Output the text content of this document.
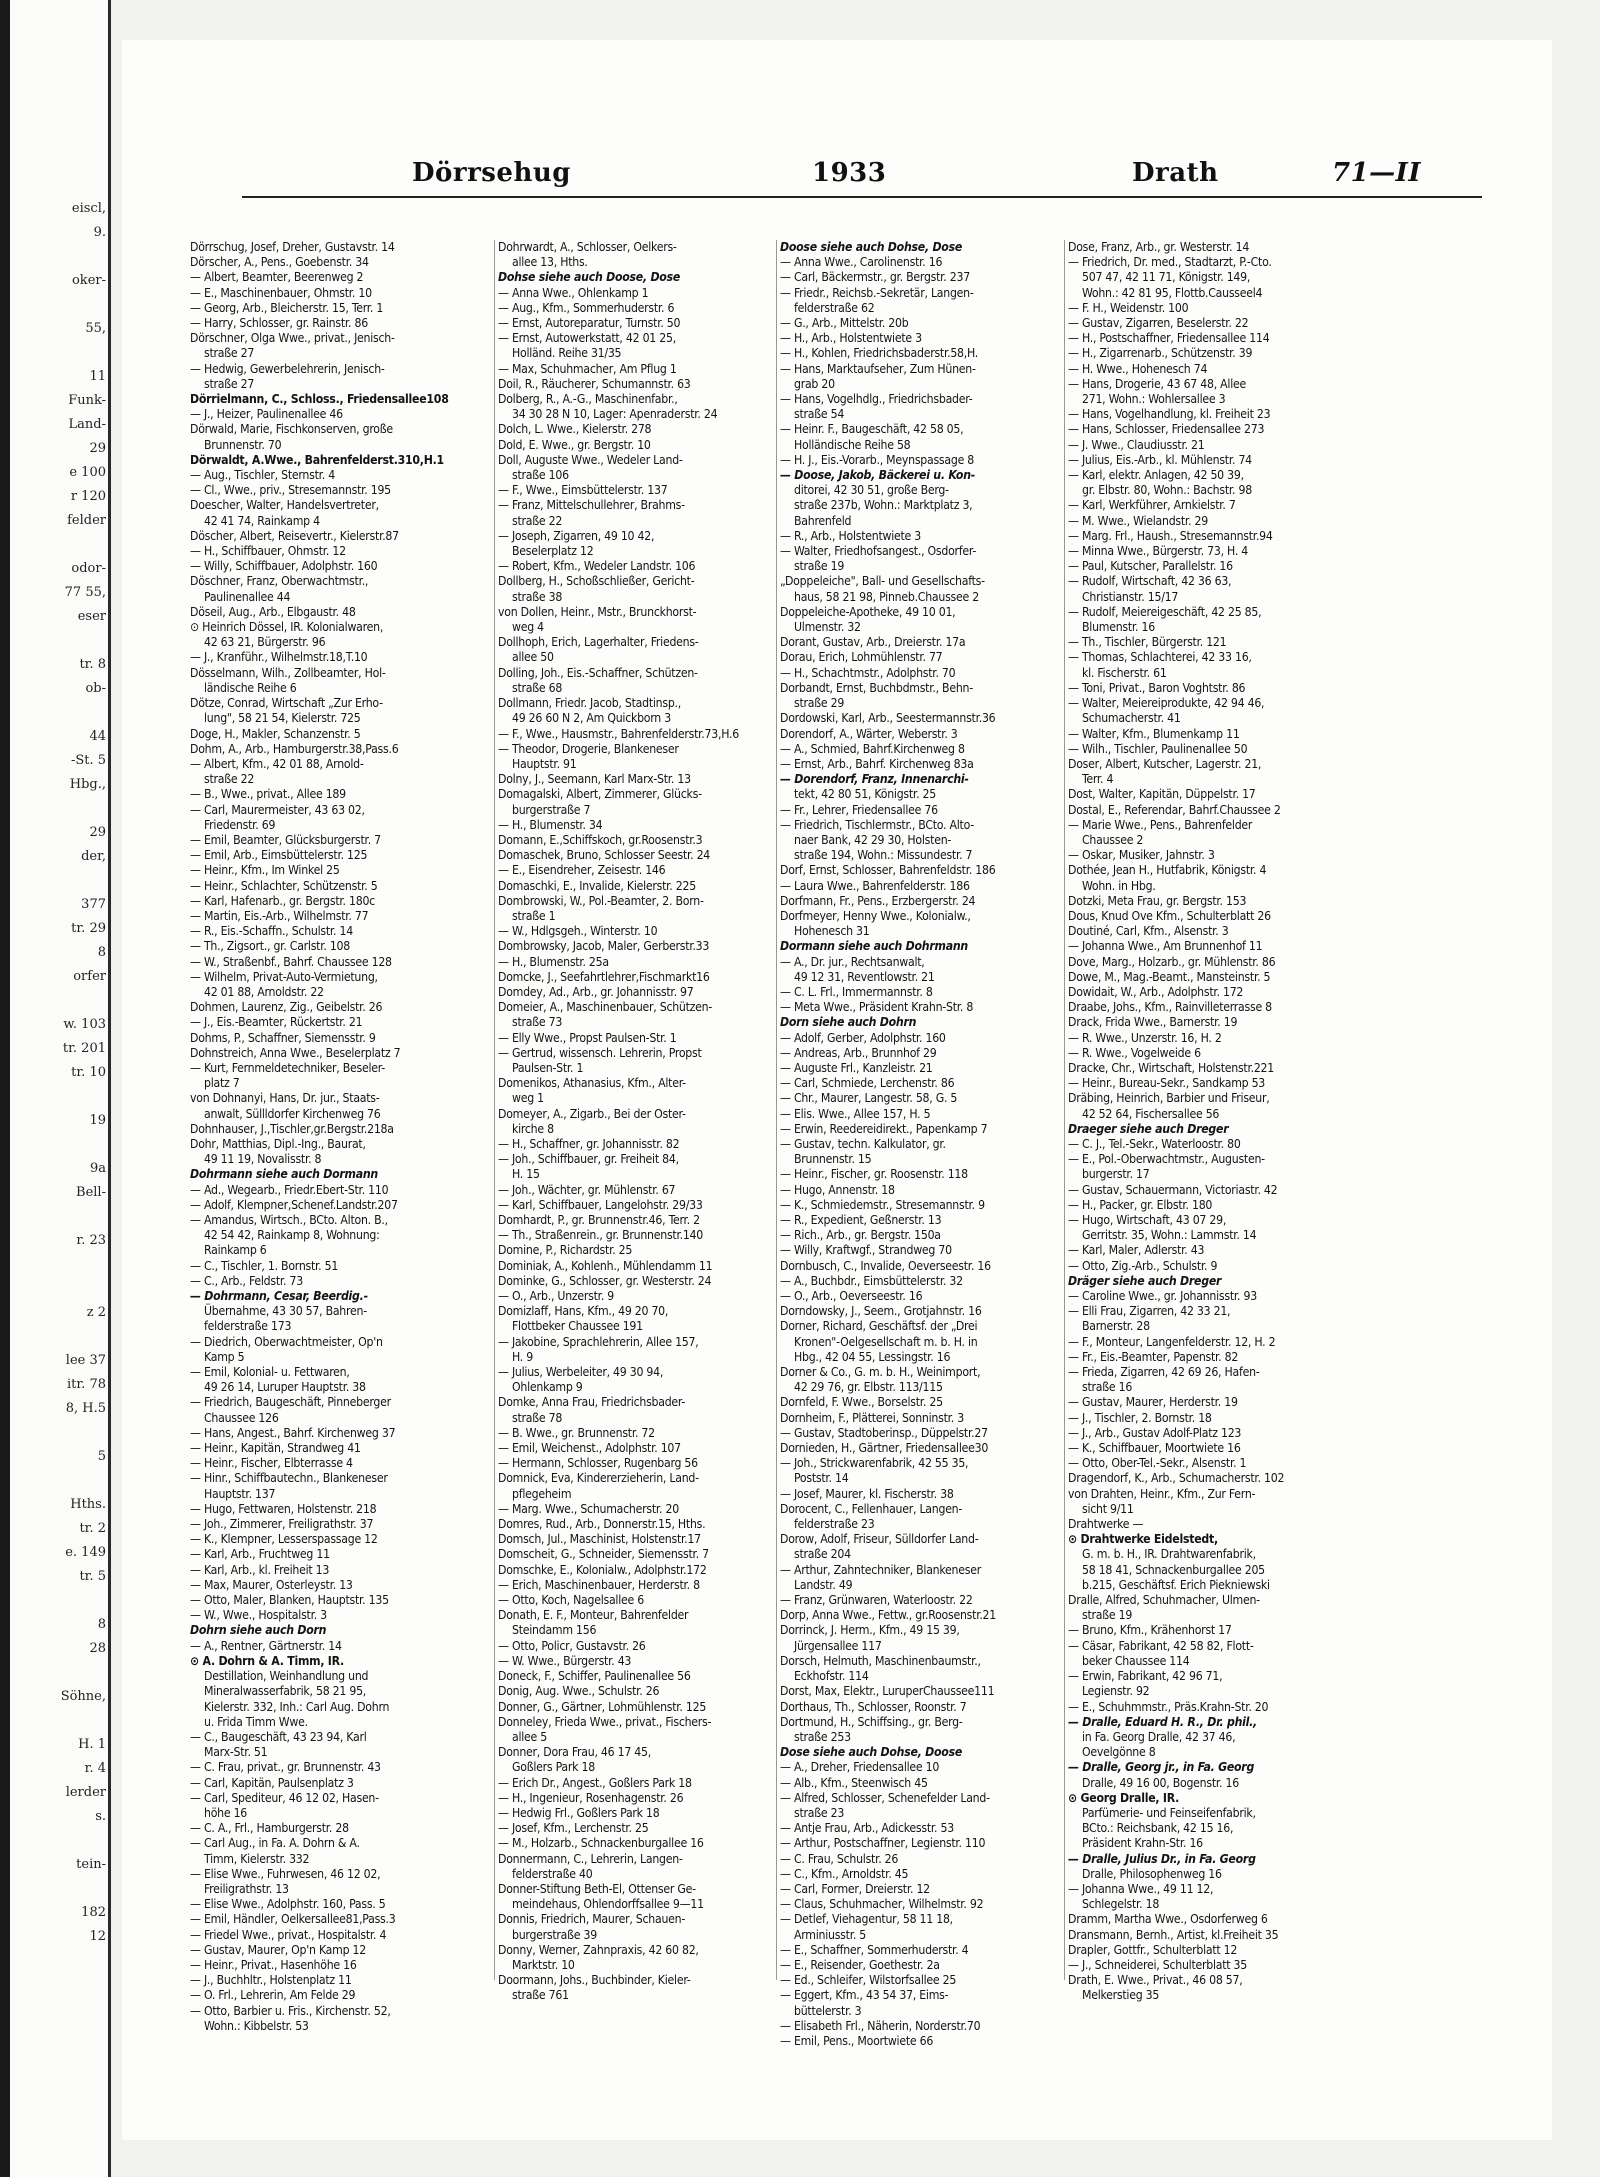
eiscl,
9.
oker-
55,
11
Funk-
Land-
29
e 100
r 120
felder
odor-
77 55,
eser
tr. 8
ob-
44
-St. 5
Hbg.,
29
der,
377
tr. 29
8
orfer
w. 103
tr. 201
tr. 10
19
9a
Bell-
r. 23
z 2
lee 37
itr. 78
8, H.5
5
Hths.
tr. 2
e. 149
tr. 5
8
28
Söhne,
H. 1
r. 4
lerder
s.
tein-
182
12
Dörrsehug	1933	Drath	71—II
Dörrschug, Josef, Dreher, Gustavstr. 14
Dörscher, A., Pens., Goebenstr. 34
— Albert, Beamter, Beerenweg 2
— E., Maschinenbauer, Ohmstr. 10
— Georg, Arb., Bleicherstr. 15, Terr. 1
— Harry, Schlosser, gr. Rainstr. 86
Dörschner, Olga Wwe., privat., Jenisch-
straße 27
— Hedwig, Gewerbelehrerin, Jenisch-
straße 27
Dörrielmann, C., Schloss., Friedensallee108
— J., Heizer, Paulinenallee 46
Dörwald, Marie, Fischkonserven, große
Brunnenstr. 70
Dörwaldt, A.Wwe., Bahrenfelderst.310,H.1
— Aug., Tischler, Sternstr. 4
— Cl., Wwe., priv., Stresemannstr. 195
Doescher, Walter, Handelsvertreter,
42 41 74, Rainkamp 4
Döscher, Albert, Reisevertr., Kielerstr.87
— H., Schiffbauer, Ohmstr. 12
— Willy, Schiffbauer, Adolphstr. 160
Döschner, Franz, Oberwachtmstr.,
Paulinenallee 44
Döseil, Aug., Arb., Elbgaustr. 48
⊙ Heinrich Dössel, IR. Kolonialwaren,
42 63 21, Bürgerstr. 96
— J., Kranführ., Wilhelmstr.18,T.10
Dösselmann, Wilh., Zollbeamter, Hol-
ländische Reihe 6
Dötze, Conrad, Wirtschaft „Zur Erho-
lung", 58 21 54, Kielerstr. 725
Doge, H., Makler, Schanzenstr. 5
Dohm, A., Arb., Hamburgerstr.38,Pass.6
— Albert, Kfm., 42 01 88, Arnold-
straße 22
— B., Wwe., privat., Allee 189
— Carl, Maurermeister, 43 63 02,
Friedenstr. 69
— Emil, Beamter, Glücksburgerstr. 7
— Emil, Arb., Eimsbüttelerstr. 125
— Heinr., Kfm., Im Winkel 25
— Heinr., Schlachter, Schützenstr. 5
— Karl, Hafenarb., gr. Bergstr. 180c
— Martin, Eis.-Arb., Wilhelmstr. 77
— R., Eis.-Schaffn., Schulstr. 14
— Th., Zigsort., gr. Carlstr. 108
— W., Straßenbf., Bahrf. Chaussee 128
— Wilhelm, Privat-Auto-Vermietung,
42 01 88, Arnoldstr. 22
Dohmen, Laurenz, Zig., Geibelstr. 26
— J., Eis.-Beamter, Rückertstr. 21
Dohms, P., Schaffner, Siemensstr. 9
Dohnstreich, Anna Wwe., Beselerplatz 7
— Kurt, Fernmeldetechniker, Beseler-
platz 7
von Dohnanyi, Hans, Dr. jur., Staats-
anwalt, Süllldorfer Kirchenweg 76
Dohnhauser, J.,Tischler,gr.Bergstr.218a
Dohr, Matthias, Dipl.-Ing., Baurat,
49 11 19, Novalisstr. 8
Dohrmann siehe auch Dormann
— Ad., Wegearb., Friedr.Ebert-Str. 110
— Adolf, Klempner,Schenef.Landstr.207
— Amandus, Wirtsch., BCto. Alton. B.,
42 54 42, Rainkamp 8, Wohnung:
Rainkamp 6
— C., Tischler, 1. Bornstr. 51
— C., Arb., Feldstr. 73
— Dohrmann, Cesar, Beerdig.-
Übernahme, 43 30 57, Bahren-
felderstraße 173
— Diedrich, Oberwachtmeister, Op'n
Kamp 5
— Emil, Kolonial- u. Fettwaren,
49 26 14, Luruper Hauptstr. 38
— Friedrich, Baugeschäft, Pinneberger
Chaussee 126
— Hans, Angest., Bahrf. Kirchenweg 37
— Heinr., Kapitän, Strandweg 41
— Heinr., Fischer, Elbterrasse 4
— Hinr., Schiffbautechn., Blankeneser
Hauptstr. 137
— Hugo, Fettwaren, Holstenstr. 218
— Joh., Zimmerer, Freiligrathstr. 37
— K., Klempner, Lesserspassage 12
— Karl, Arb., Fruchtweg 11
— Karl, Arb., kl. Freiheit 13
— Max, Maurer, Osterleystr. 13
— Otto, Maler, Blanken, Hauptstr. 135
— W., Wwe., Hospitalstr. 3
Dohrn siehe auch Dorn
— A., Rentner, Gärtnerstr. 14
⊙ A. Dohrn & A. Timm, IR.
Destillation, Weinhandlung und
Mineralwasserfabrik, 58 21 95,
Kielerstr. 332, Inh.: Carl Aug. Dohrn
u. Frida Timm Wwe.
— C., Baugeschäft, 43 23 94, Karl
Marx-Str. 51
— C. Frau, privat., gr. Brunnenstr. 43
— Carl, Kapitän, Paulsenplatz 3
— Carl, Spediteur, 46 12 02, Hasen-
höhe 16
— C. A., Frl., Hamburgerstr. 28
— Carl Aug., in Fa. A. Dohrn & A.
Timm, Kielerstr. 332
— Elise Wwe., Fuhrwesen, 46 12 02,
Freiligrathstr. 13
— Elise Wwe., Adolphstr. 160, Pass. 5
— Emil, Händler, Oelkersallee81,Pass.3
— Friedel Wwe., privat., Hospitalstr. 4
— Gustav, Maurer, Op'n Kamp 12
— Heinr., Privat., Hasenhöhe 16
— J., Buchhltr., Holstenplatz 11
— O. Frl., Lehrerin, Am Felde 29
— Otto, Barbier u. Fris., Kirchenstr. 52,
Wohn.: Kibbelstr. 53
Dohrwardt, A., Schlosser, Oelkers-
allee 13, Hths.
Dohse siehe auch Doose, Dose
— Anna Wwe., Ohlenkamp 1
— Aug., Kfm., Sommerhuderstr. 6
— Ernst, Autoreparatur, Turnstr. 50
— Ernst, Autowerkstatt, 42 01 25,
Holländ. Reihe 31/35
— Max, Schuhmacher, Am Pflug 1
Doil, R., Räucherer, Schumannstr. 63
Dolberg, R., A.-G., Maschinenfabr.,
34 30 28 N 10, Lager: Apenraderstr. 24
Dolch, L. Wwe., Kielerstr. 278
Dold, E. Wwe., gr. Bergstr. 10
Doll, Auguste Wwe., Wedeler Land-
straße 106
— F., Wwe., Eimsbüttelerstr. 137
— Franz, Mittelschullehrer, Brahms-
straße 22
— Joseph, Zigarren, 49 10 42,
Beselerplatz 12
— Robert, Kfm., Wedeler Landstr. 106
Dollberg, H., Schoßschließer, Gericht-
straße 38
von Dollen, Heinr., Mstr., Brunckhorst-
weg 4
Dollhoph, Erich, Lagerhalter, Friedens-
allee 50
Dolling, Joh., Eis.-Schaffner, Schützen-
straße 68
Dollmann, Friedr. Jacob, Stadtinsp.,
49 26 60 N 2, Am Quickborn 3
— F., Wwe., Hausmstr., Bahrenfelderstr.73,H.6
— Theodor, Drogerie, Blankeneser
Hauptstr. 91
Dolny, J., Seemann, Karl Marx-Str. 13
Domagalski, Albert, Zimmerer, Glücks-
burgerstraße 7
— H., Blumenstr. 34
Domann, E.,Schiffskoch, gr.Roosenstr.3
Domaschek, Bruno, Schlosser Seestr. 24
— E., Eisendreher, Zeisestr. 146
Domaschki, E., Invalide, Kielerstr. 225
Dombrowski, W., Pol.-Beamter, 2. Born-
straße 1
— W., Hdlgsgeh., Winterstr. 10
Dombrowsky, Jacob, Maler, Gerberstr.33
— H., Blumenstr. 25a
Domcke, J., Seefahrtlehrer,Fischmarkt16
Domdey, Ad., Arb., gr. Johannisstr. 97
Domeier, A., Maschinenbauer, Schützen-
straße 73
— Elly Wwe., Propst Paulsen-Str. 1
— Gertrud, wissensch. Lehrerin, Propst
Paulsen-Str. 1
Domenikos, Athanasius, Kfm., Alter-
weg 1
Domeyer, A., Zigarb., Bei der Oster-
kirche 8
— H., Schaffner, gr. Johannisstr. 82
— Joh., Schiffbauer, gr. Freiheit 84,
H. 15
— Joh., Wächter, gr. Mühlenstr. 67
— Karl, Schiffbauer, Langelohstr. 29/33
Domhardt, P., gr. Brunnenstr.46, Terr. 2
— Th., Straßenrein., gr. Brunnenstr.140
Domine, P., Richardstr. 25
Dominiak, A., Kohlenh., Mühlendamm 11
Dominke, G., Schlosser, gr. Westerstr. 24
— O., Arb., Unzerstr. 9
Domizlaff, Hans, Kfm., 49 20 70,
Flottbeker Chaussee 191
— Jakobine, Sprachlehrerin, Allee 157,
H. 9
— Julius, Werbeleiter, 49 30 94,
Ohlenkamp 9
Domke, Anna Frau, Friedrichsbader-
straße 78
— B. Wwe., gr. Brunnenstr. 72
— Emil, Weichenst., Adolphstr. 107
— Hermann, Schlosser, Rugenbarg 56
Domnick, Eva, Kindererzieherin, Land-
pflegeheim
— Marg. Wwe., Schumacherstr. 20
Domres, Rud., Arb., Donnerstr.15, Hths.
Domsch, Jul., Maschinist, Holstenstr.17
Domscheit, G., Schneider, Siemensstr. 7
Domschke, E., Kolonialw., Adolphstr.172
— Erich, Maschinenbauer, Herderstr. 8
— Otto, Koch, Nagelsallee 6
Donath, E. F., Monteur, Bahrenfelder
Steindamm 156
— Otto, Policr, Gustavstr. 26
— W. Wwe., Bürgerstr. 43
Doneck, F., Schiffer, Paulinenallee 56
Donig, Aug. Wwe., Schulstr. 26
Donner, G., Gärtner, Lohmühlenstr. 125
Donneley, Frieda Wwe., privat., Fischers-
allee 5
Donner, Dora Frau, 46 17 45,
Goßlers Park 18
— Erich Dr., Angest., Goßlers Park 18
— H., Ingenieur, Rosenhagenstr. 26
— Hedwig Frl., Goßlers Park 18
— Josef, Kfm., Lerchenstr. 25
— M., Holzarb., Schnackenburgallee 16
Donnermann, C., Lehrerin, Langen-
felderstraße 40
Donner-Stiftung Beth-El, Ottenser Ge-
meindehaus, Ohlendorffsallee 9—11
Donnis, Friedrich, Maurer, Schauen-
burgerstraße 39
Donny, Werner, Zahnpraxis, 42 60 82,
Marktstr. 10
Doormann, Johs., Buchbinder, Kieler-
straße 761
Doose siehe auch Dohse, Dose
— Anna Wwe., Carolinenstr. 16
— Carl, Bäckermstr., gr. Bergstr. 237
— Friedr., Reichsb.-Sekretär, Langen-
felderstraße 62
— G., Arb., Mittelstr. 20b
— H., Arb., Holstentwiete 3
— H., Kohlen, Friedrichsbaderstr.58,H.
— Hans, Marktaufseher, Zum Hünen-
grab 20
— Hans, Vogelhdlg., Friedrichsbader-
straße 54
— Heinr. F., Baugeschäft, 42 58 05,
Holländische Reihe 58
— H. J., Eis.-Vorarb., Meynspassage 8
— Doose, Jakob, Bäckerei u. Kon-
ditorei, 42 30 51, große Berg-
straße 237b, Wohn.: Marktplatz 3,
Bahrenfeld
— R., Arb., Holstentwiete 3
— Walter, Friedhofsangest., Osdorfer-
straße 19
„Doppeleiche", Ball- und Gesellschafts-
haus, 58 21 98, Pinneb.Chaussee 2
Doppeleiche-Apotheke, 49 10 01,
Ulmenstr. 32
Dorant, Gustav, Arb., Dreierstr. 17a
Dorau, Erich, Lohmühlenstr. 77
— H., Schachtmstr., Adolphstr. 70
Dorbandt, Ernst, Buchbdmstr., Behn-
straße 29
Dordowski, Karl, Arb., Seestermannstr.36
Dorendorf, A., Wärter, Weberstr. 3
— A., Schmied, Bahrf.Kirchenweg 8
— Ernst, Arb., Bahrf. Kirchenweg 83a
— Dorendorf, Franz, Innenarchi-
tekt, 42 80 51, Königstr. 25
— Fr., Lehrer, Friedensallee 76
— Friedrich, Tischlermstr., BCto. Alto-
naer Bank, 42 29 30, Holsten-
straße 194, Wohn.: Missundestr. 7
Dorf, Ernst, Schlosser, Bahrenfeldstr. 186
— Laura Wwe., Bahrenfelderstr. 186
Dorfmann, Fr., Pens., Erzbergerstr. 24
Dorfmeyer, Henny Wwe., Kolonialw.,
Hohenesch 31
Dormann siehe auch Dohrmann
— A., Dr. jur., Rechtsanwalt,
49 12 31, Reventlowstr. 21
— C. L. Frl., Immermannstr. 8
— Meta Wwe., Präsident Krahn-Str. 8
Dorn siehe auch Dohrn
— Adolf, Gerber, Adolphstr. 160
— Andreas, Arb., Brunnhof 29
— Auguste Frl., Kanzleistr. 21
— Carl, Schmiede, Lerchenstr. 86
— Chr., Maurer, Langestr. 58, G. 5
— Elis. Wwe., Allee 157, H. 5
— Erwin, Reedereidirekt., Papenkamp 7
— Gustav, techn. Kalkulator, gr.
Brunnenstr. 15
— Heinr., Fischer, gr. Roosenstr. 118
— Hugo, Annenstr. 18
— K., Schmiedemstr., Stresemannstr. 9
— R., Expedient, Geßnerstr. 13
— Rich., Arb., gr. Bergstr. 150a
— Willy, Kraftwgf., Strandweg 70
Dornbusch, C., Invalide, Oeverseestr. 16
— A., Buchbdr., Eimsbüttelerstr. 32
— O., Arb., Oeverseestr. 16
Dorndowsky, J., Seem., Grotjahnstr. 16
Dorner, Richard, Geschäftsf. der „Drei
Kronen"-Oelgesellschaft m. b. H. in
Hbg., 42 04 55, Lessingstr. 16
Dorner & Co., G. m. b. H., Weinimport,
42 29 76, gr. Elbstr. 113/115
Dornfeld, F. Wwe., Borselstr. 25
Dornheim, F., Plätterei, Sonninstr. 3
— Gustav, Stadtoberinsp., Düppelstr.27
Dornieden, H., Gärtner, Friedensallee30
— Joh., Strickwarenfabrik, 42 55 35,
Poststr. 14
— Josef, Maurer, kl. Fischerstr. 38
Dorocent, C., Fellenhauer, Langen-
felderstraße 23
Dorow, Adolf, Friseur, Sülldorfer Land-
straße 204
— Arthur, Zahntechniker, Blankeneser
Landstr. 49
— Franz, Grünwaren, Waterloostr. 22
Dorp, Anna Wwe., Fettw., gr.Roosenstr.21
Dorrinck, J. Herm., Kfm., 49 15 39,
Jürgensallee 117
Dorsch, Helmuth, Maschinenbaumstr.,
Eckhofstr. 114
Dorst, Max, Elektr., LuruperChaussee111
Dorthaus, Th., Schlosser, Roonstr. 7
Dortmund, H., Schiffsing., gr. Berg-
straße 253
Dose siehe auch Dohse, Doose
— A., Dreher, Friedensallee 10
— Alb., Kfm., Steenwisch 45
— Alfred, Schlosser, Schenefelder Land-
straße 23
— Antje Frau, Arb., Adickesstr. 53
— Arthur, Postschaffner, Legienstr. 110
— C. Frau, Schulstr. 26
— C., Kfm., Arnoldstr. 45
— Carl, Former, Dreierstr. 12
— Claus, Schuhmacher, Wilhelmstr. 92
— Detlef, Viehagentur, 58 11 18,
Arminiusstr. 5
— E., Schaffner, Sommerhuderstr. 4
— E., Reisender, Goethestr. 2a
— Ed., Schleifer, Wilstorfsallee 25
— Eggert, Kfm., 43 54 37, Eims-
büttelerstr. 3
— Elisabeth Frl., Näherin, Norderstr.70
— Emil, Pens., Moortwiete 66
Dose, Franz, Arb., gr. Westerstr. 14
— Friedrich, Dr. med., Stadtarzt, P.-Cto.
507 47, 42 11 71, Königstr. 149,
Wohn.: 42 81 95, Flottb.Causseel4
— F. H., Weidenstr. 100
— Gustav, Zigarren, Beselerstr. 22
— H., Postschaffner, Friedensallee 114
— H., Zigarrenarb., Schützenstr. 39
— H. Wwe., Hohenesch 74
— Hans, Drogerie, 43 67 48, Allee
271, Wohn.: Wohlersallee 3
— Hans, Vogelhandlung, kl. Freiheit 23
— Hans, Schlosser, Friedensallee 273
— J. Wwe., Claudiusstr. 21
— Julius, Eis.-Arb., kl. Mühlenstr. 74
— Karl, elektr. Anlagen, 42 50 39,
gr. Elbstr. 80, Wohn.: Bachstr. 98
— Karl, Werkführer, Arnkielstr. 7
— M. Wwe., Wielandstr. 29
— Marg. Frl., Haush., Stresemannstr.94
— Minna Wwe., Bürgerstr. 73, H. 4
— Paul, Kutscher, Parallelstr. 16
— Rudolf, Wirtschaft, 42 36 63,
Christianstr. 15/17
— Rudolf, Meiereigeschäft, 42 25 85,
Blumenstr. 16
— Th., Tischler, Bürgerstr. 121
— Thomas, Schlachterei, 42 33 16,
kl. Fischerstr. 61
— Toni, Privat., Baron Voghtstr. 86
— Walter, Meiereiprodukte, 42 94 46,
Schumacherstr. 41
— Walter, Kfm., Blumenkamp 11
— Wilh., Tischler, Paulinenallee 50
Doser, Albert, Kutscher, Lagerstr. 21,
Terr. 4
Dost, Walter, Kapitän, Düppelstr. 17
Dostal, E., Referendar, Bahrf.Chaussee 2
— Marie Wwe., Pens., Bahrenfelder
Chaussee 2
— Oskar, Musiker, Jahnstr. 3
Dothée, Jean H., Hutfabrik, Königstr. 4
Wohn. in Hbg.
Dotzki, Meta Frau, gr. Bergstr. 153
Dous, Knud Ove Kfm., Schulterblatt 26
Doutiné, Carl, Kfm., Alsenstr. 3
— Johanna Wwe., Am Brunnenhof 11
Dove, Marg., Holzarb., gr. Mühlenstr. 86
Dowe, M., Mag.-Beamt., Mansteinstr. 5
Dowidait, W., Arb., Adolphstr. 172
Draabe, Johs., Kfm., Rainvilleterrasse 8
Drack, Frida Wwe., Barnerstr. 19
— R. Wwe., Unzerstr. 16, H. 2
— R. Wwe., Vogelweide 6
Dracke, Chr., Wirtschaft, Holstenstr.221
— Heinr., Bureau-Sekr., Sandkamp 53
Dräbing, Heinrich, Barbier und Friseur,
42 52 64, Fischersallee 56
Draeger siehe auch Dreger
— C. J., Tel.-Sekr., Waterloostr. 80
— E., Pol.-Oberwachtmstr., Augusten-
burgerstr. 17
— Gustav, Schauermann, Victoriastr. 42
— H., Packer, gr. Elbstr. 180
— Hugo, Wirtschaft, 43 07 29,
Gerritstr. 35, Wohn.: Lammstr. 14
— Karl, Maler, Adlerstr. 43
— Otto, Zig.-Arb., Schulstr. 9
Dräger siehe auch Dreger
— Caroline Wwe., gr. Johannisstr. 93
— Elli Frau, Zigarren, 42 33 21,
Barnerstr. 28
— F., Monteur, Langenfelderstr. 12, H. 2
— Fr., Eis.-Beamter, Papenstr. 82
— Frieda, Zigarren, 42 69 26, Hafen-
straße 16
— Gustav, Maurer, Herderstr. 19
— J., Tischler, 2. Bornstr. 18
— J., Arb., Gustav Adolf-Platz 123
— K., Schiffbauer, Moortwiete 16
— Otto, Ober-Tel.-Sekr., Alsenstr. 1
Dragendorf, K., Arb., Schumacherstr. 102
von Drahten, Heinr., Kfm., Zur Fern-
sicht 9/11
Drahtwerke —
⊙ Drahtwerke Eidelstedt,
G. m. b. H., IR. Drahtwarenfabrik,
58 18 41, Schnackenburgallee 205
b.215, Geschäftsf. Erich Piekniewski
Dralle, Alfred, Schuhmacher, Ulmen-
straße 19
— Bruno, Kfm., Krähenhorst 17
— Cäsar, Fabrikant, 42 58 82, Flott-
beker Chaussee 114
— Erwin, Fabrikant, 42 96 71,
Legienstr. 92
— E., Schuhmmstr., Präs.Krahn-Str. 20
— Dralle, Eduard H. R., Dr. phil.,
in Fa. Georg Dralle, 42 37 46,
Oevelgönne 8
— Dralle, Georg jr., in Fa. Georg
Dralle, 49 16 00, Bogenstr. 16
⊙ Georg Dralle, IR.
Parfümerie- und Feinseifenfabrik,
BCto.: Reichsbank, 42 15 16,
Präsident Krahn-Str. 16
— Dralle, Julius Dr., in Fa. Georg
Dralle, Philosophenweg 16
— Johanna Wwe., 49 11 12,
Schlegelstr. 18
Dramm, Martha Wwe., Osdorferweg 6
Dransmann, Bernh., Artist, kl.Freiheit 35
Drapler, Gottfr., Schulterblatt 12
— J., Schneiderei, Schulterblatt 35
Drath, E. Wwe., Privat., 46 08 57,
Melkerstieg 35
